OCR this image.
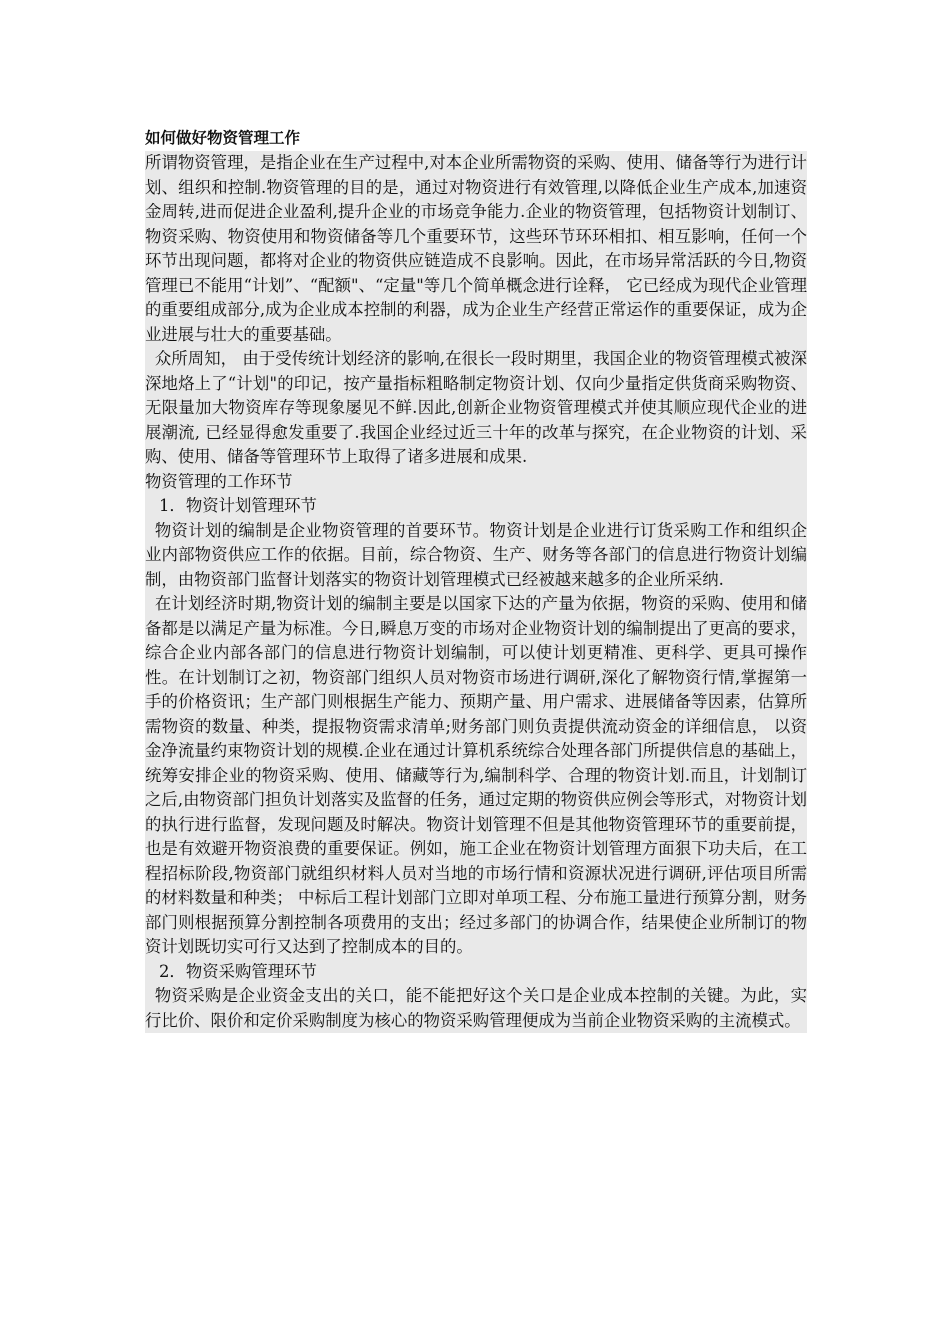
如何做好物资管理工作

所谓物资管理，是指企业在生产过程中,对本企业所需物资的采购、使用、储备等行为进行计划、组织和控制.物资管理的目的是，通过对物资进行有效管理,以降低企业生产成本,加速资金周转,进而促进企业盈利,提升企业的市场竞争能力.企业的物资管理，包括物资计划制订、物资采购、物资使用和物资储备等几个重要环节，这些环节环环相扣、相互影响，任何一个环节出现问题，都将对企业的物资供应链造成不良影响。因此，在市场异常活跃的今日,物资管理已不能用“计划”、“配额"、“定量"等几个简单概念进行诠释， 它已经成为现代企业管理的重要组成部分,成为企业成本控制的利器，成为企业生产经营正常运作的重要保证，成为企业进展与壮大的重要基础。

众所周知， 由于受传统计划经济的影响,在很长一段时期里，我国企业的物资管理模式被深深地烙上了“计划"的印记，按产量指标粗略制定物资计划、仅向少量指定供货商采购物资、无限量加大物资库存等现象屡见不鲜.因此,创新企业物资管理模式并使其顺应现代企业的进展潮流, 已经显得愈发重要了.我国企业经过近三十年的改革与探究，在企业物资的计划、采购、使用、储备等管理环节上取得了诸多进展和成果.

物资管理的工作环节
1．物资计划管理环节

物资计划的编制是企业物资管理的首要环节。物资计划是企业进行订货采购工作和组织企业内部物资供应工作的依据。目前，综合物资、生产、财务等各部门的信息进行物资计划编制，由物资部门监督计划落实的物资计划管理模式已经被越来越多的企业所采纳.

在计划经济时期,物资计划的编制主要是以国家下达的产量为依据，物资的采购、使用和储备都是以满足产量为标准。今日,瞬息万变的市场对企业物资计划的编制提出了更高的要求，综合企业内部各部门的信息进行物资计划编制，可以使计划更精准、更科学、更具可操作性。在计划制订之初，物资部门组织人员对物资市场进行调研,深化了解物资行情,掌握第一手的价格资讯；生产部门则根据生产能力、预期产量、用户需求、进展储备等因素，估算所需物资的数量、种类，提报物资需求清单;财务部门则负责提供流动资金的详细信息， 以资金净流量约束物资计划的规模.企业在通过计算机系统综合处理各部门所提供信息的基础上，统筹安排企业的物资采购、使用、储藏等行为,编制科学、合理的物资计划.而且，计划制订之后,由物资部门担负计划落实及监督的任务，通过定期的物资供应例会等形式，对物资计划的执行进行监督，发现问题及时解决。物资计划管理不但是其他物资管理环节的重要前提，也是有效避开物资浪费的重要保证。例如，施工企业在物资计划管理方面狠下功夫后，在工程招标阶段,物资部门就组织材料人员对当地的市场行情和资源状况进行调研,评估项目所需的材料数量和种类； 中标后工程计划部门立即对单项工程、分布施工量进行预算分割，财务部门则根据预算分割控制各项费用的支出；经过多部门的协调合作，结果使企业所制订的物资计划既切实可行又达到了控制成本的目的。

2．物资采购管理环节

物资采购是企业资金支出的关口，能不能把好这个关口是企业成本控制的关键。为此，实行比价、限价和定价采购制度为核心的物资采购管理便成为当前企业物资采购的主流模式。
